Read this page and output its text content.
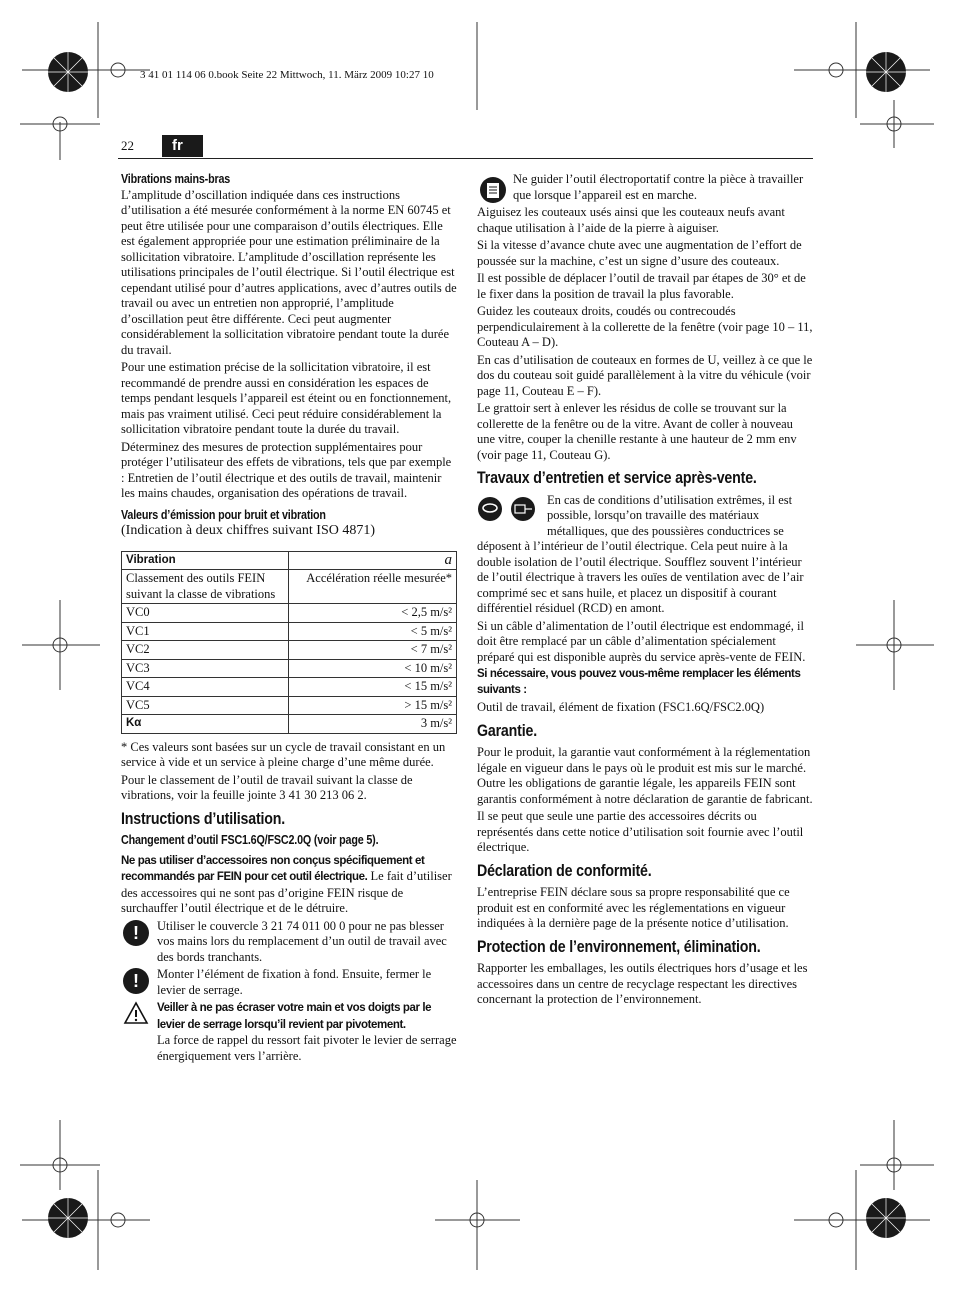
3 41 01 114 06 0.book Seite 22 Mittwoch, 11. März 2009 10:27 10
22	fr
Vibrations mains-bras

L’amplitude d’oscillation indiquée dans ces instructions d’utilisation a été mesurée conformément à la norme EN 60745 et peut être utilisée pour une comparaison d’outils électriques. Elle est également appropriée pour une estimation préliminaire de la sollicitation vibratoire. L’amplitude d’oscillation représente les utilisations principales de l’outil électrique. Si l’outil électrique est cependant utilisé pour d’autres applications, avec d’autres outils de travail ou avec un entretien non approprié, l’amplitude d’oscillation peut être différente. Ceci peut augmenter considérablement la sollicitation vibratoire pendant toute la durée du travail.

Pour une estimation précise de la sollicitation vibratoire, il est recommandé de prendre aussi en considération les espaces de temps pendant lesquels l’appareil est éteint ou en fonctionnement, mais pas vraiment utilisé. Ceci peut réduire considérablement la sollicitation vibratoire pendant toute la durée du travail.

Déterminez des mesures de protection supplémentaires pour protéger l’utilisateur des effets de vibrations, tels que par exemple : Entretien de l’outil électrique et des outils de travail, maintenir les mains chaudes, organisation des opérations de travail.

Valeurs d’émission pour bruit et vibration

(Indication à deux chiffres suivant ISO 4871)

Vibration	a
Classement des outils FEIN suivant la classe de vibrations	Accélération réelle mesurée*
VC0	< 2,5 m/s²
VC1	< 5 m/s²
VC2	< 7 m/s²
VC3	< 10 m/s²
VC4	< 15 m/s²
VC5	> 15 m/s²
Kα	3 m/s²

* Ces valeurs sont basées sur un cycle de travail consistant en un service à vide et un service à pleine charge d’une même durée.

Pour le classement de l’outil de travail suivant la classe de vibrations, voir la feuille jointe 3 41 30 213 06 2.

Instructions d’utilisation.
Changement d’outil FSC1.6Q/FSC2.0Q (voir page 5).

Ne pas utiliser d’accessoires non conçus spécifiquement et recommandés par FEIN pour cet outil électrique. Le fait d’utiliser des accessoires qui ne sont pas d’origine FEIN risque de surchauffer l’outil électrique et de le détruire.

!	Utiliser le couvercle 3 21 74 011 00 0 pour ne pas blesser vos mains lors du remplacement d’un outil de travail avec des bords tranchants.

!	Monter l’élément de fixation à fond. Ensuite, fermer le levier de serrage.

Veiller à ne pas écraser votre main et vos doigts par le levier de serrage lorsqu’il revient par pivotement.
La force de rappel du ressort fait pivoter le levier de serrage énergiquement vers l’arrière.

Ne guider l’outil électroportatif contre la pièce à travailler que lorsque l’appareil est en marche.

Aiguisez les couteaux usés ainsi que les couteaux neufs avant chaque utilisation à l’aide de la pierre à aiguiser.

Si la vitesse d’avance chute avec une augmentation de l’effort de poussée sur la machine, c’est un signe d’usure des couteaux.

Il est possible de déplacer l’outil de travail par étapes de 30° et de le fixer dans la position de travail la plus favorable.

Guidez les couteaux droits, coudés ou contrecoudés perpendiculairement à la collerette de la fenêtre (voir page 10 – 11, Couteau A – D).

En cas d’utilisation de couteaux en formes de U, veillez à ce que le dos du couteau soit guidé parallèlement à la vitre du véhicule (voir page 11, Couteau E – F).

Le grattoir sert à enlever les résidus de colle se trouvant sur la collerette de la fenêtre ou de la vitre. Avant de coller à nouveau une vitre, couper la chenille restante à une hauteur de 2 mm env (voir page 11, Couteau G).

Travaux d’entretien et service après-vente.

En cas de conditions d’utilisation extrêmes, il est possible, lorsqu’on travaille des matériaux métalliques, que des poussières conductrices se déposent à l’intérieur de l’outil électrique. Cela peut nuire à la double isolation de l’outil électrique. Soufflez souvent l’intérieur de l’outil électrique à travers les ouïes de ventilation avec de l’air comprimé sec et sans huile, et placez un dispositif à courant différentiel résiduel (RCD) en amont.

Si un câble d’alimentation de l’outil électrique est endommagé, il doit être remplacé par un câble d’alimentation spécialement préparé qui est disponible auprès du service après-vente de FEIN.

Si nécessaire, vous pouvez vous-même remplacer les éléments suivants :

Outil de travail, élément de fixation (FSC1.6Q/FSC2.0Q)

Garantie.

Pour le produit, la garantie vaut conformément à la réglementation légale en vigueur dans le pays où le produit est mis sur le marché. Outre les obligations de garantie légale, les appareils FEIN sont garantis conformément à notre déclaration de garantie de fabricant.

Il se peut que seule une partie des accessoires décrits ou représentés dans cette notice d’utilisation soit fournie avec l’outil électrique.

Déclaration de conformité.

L’entreprise FEIN déclare sous sa propre responsabilité que ce produit est en conformité avec les réglementations en vigueur indiquées à la dernière page de la présente notice d’utilisation.

Protection de l’environnement, élimination.

Rapporter les emballages, les outils électriques hors d’usage et les accessoires dans un centre de recyclage respectant les directives concernant la protection de l’environnement.
